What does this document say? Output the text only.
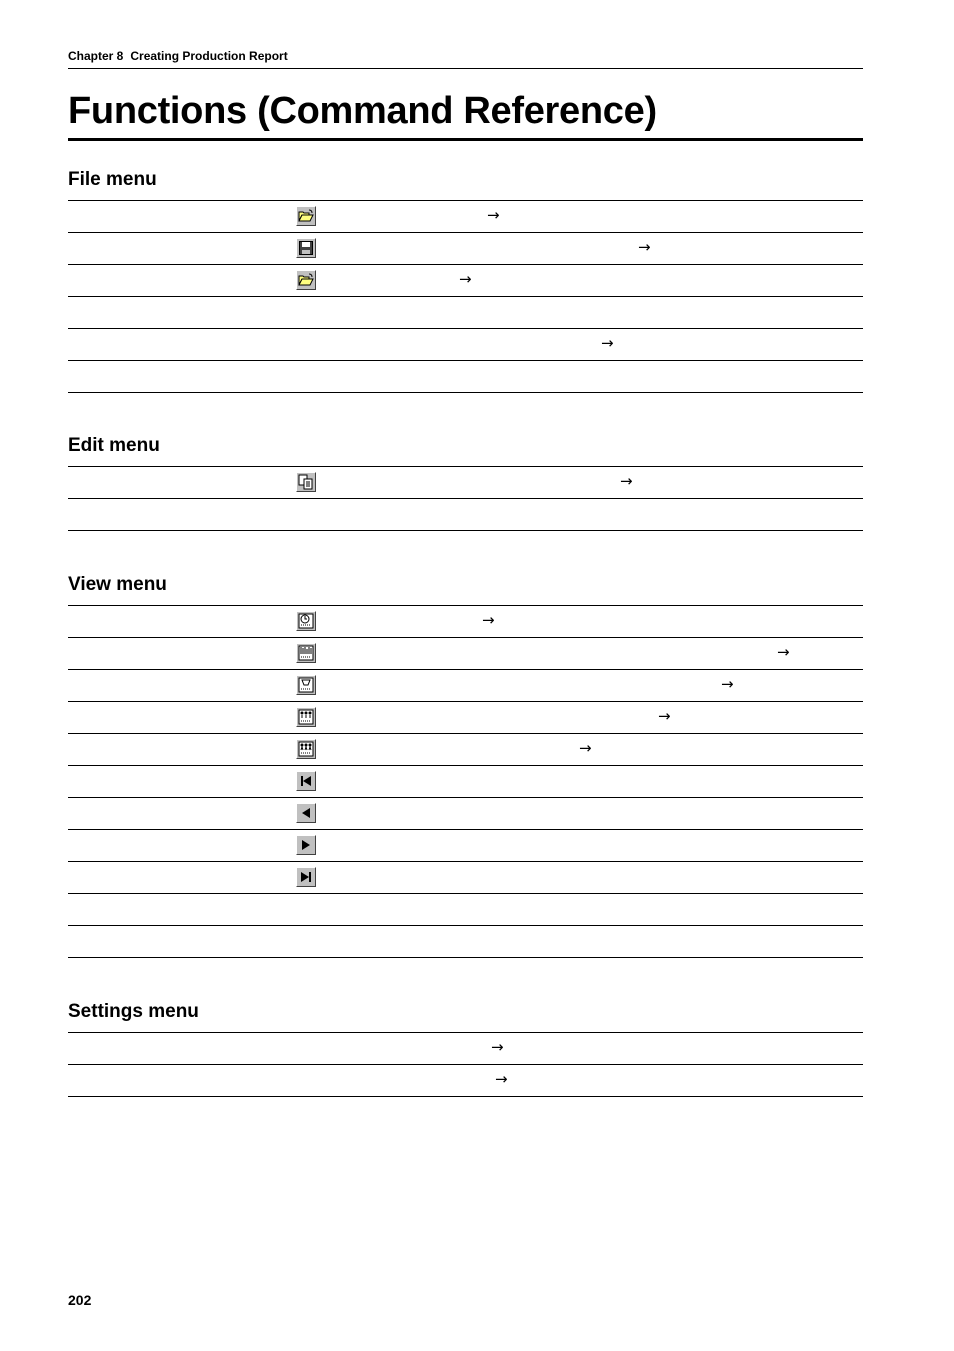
Chapter 8 Creating Production Report
Functions (Command Reference)
File menu
→
→
→
→
Edit menu
→
View menu
→
→
→
→
→
Settings menu
→
→
202
